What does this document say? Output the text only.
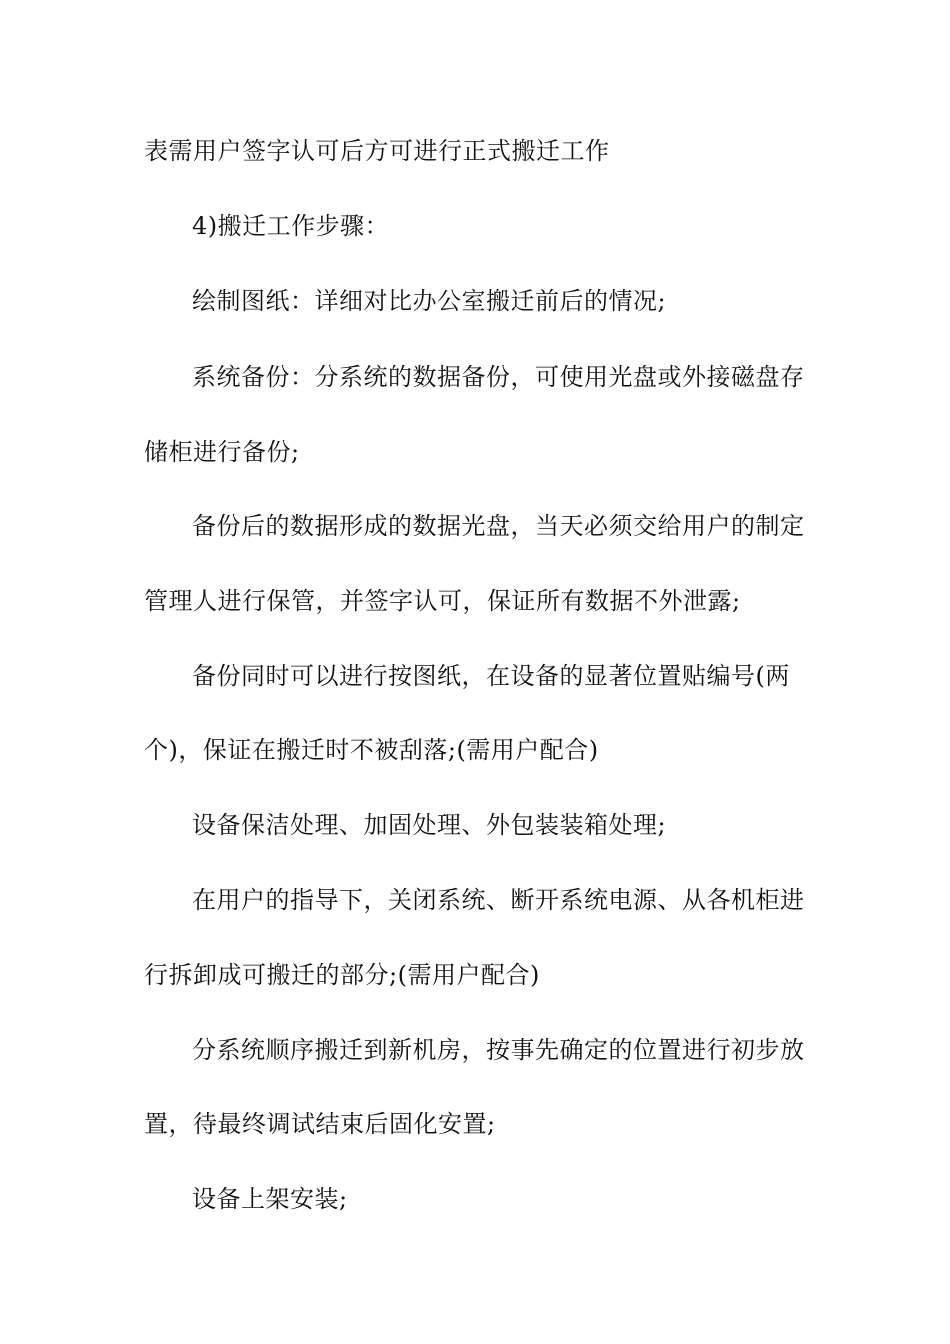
表需用户签字认可后方可进行正式搬迁工作
4)搬迁工作步骤：
绘制图纸：详细对比办公室搬迁前后的情况;
系统备份：分系统的数据备份，可使用光盘或外接磁盘存
储柜进行备份;
备份后的数据形成的数据光盘，当天必须交给用户的制定
管理人进行保管，并签字认可，保证所有数据不外泄露;
备份同时可以进行按图纸，在设备的显著位置贴编号(两
个)，保证在搬迁时不被刮落;(需用户配合)
设备保洁处理、加固处理、外包装装箱处理;
在用户的指导下，关闭系统、断开系统电源、从各机柜进
行拆卸成可搬迁的部分;(需用户配合)
分系统顺序搬迁到新机房，按事先确定的位置进行初步放
置，待最终调试结束后固化安置;
设备上架安装;
